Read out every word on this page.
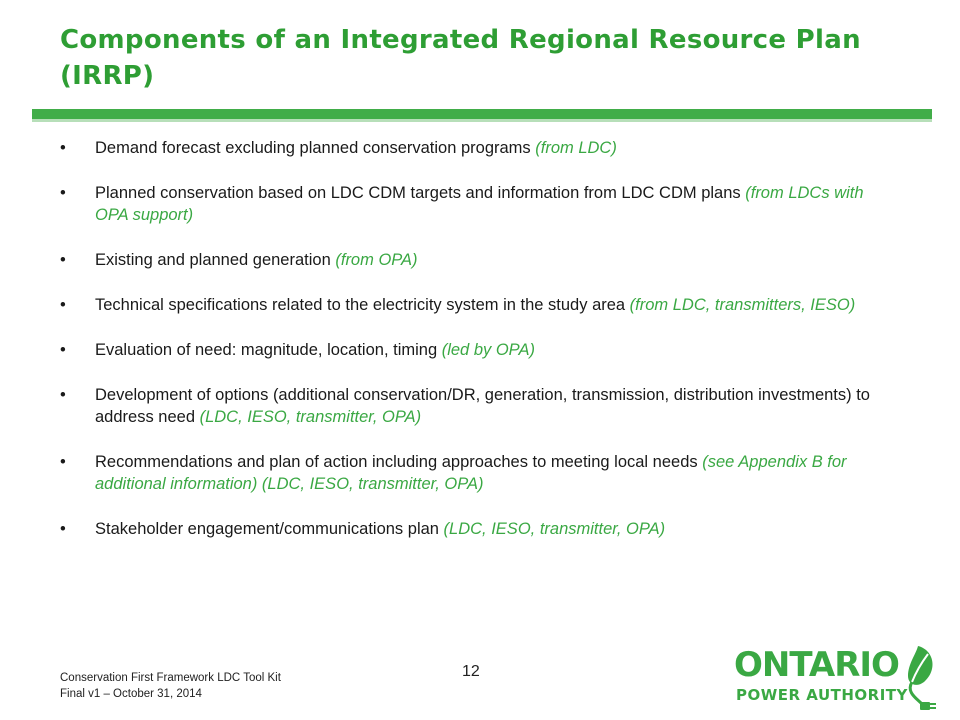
Components of an Integrated Regional Resource Plan (IRRP)
• Demand forecast excluding planned conservation programs (from LDC)
• Planned conservation based on LDC CDM targets and information from LDC CDM plans (from LDCs with OPA support)
• Existing and planned generation (from OPA)
• Technical specifications related to the electricity system in the study area (from LDC, transmitters, IESO)
• Evaluation of need: magnitude, location, timing (led by OPA)
• Development of options (additional conservation/DR, generation, transmission, distribution investments) to address need (LDC, IESO, transmitter, OPA)
• Recommendations and plan of action including approaches to meeting local needs (see Appendix B for additional information) (LDC, IESO, transmitter, OPA)
• Stakeholder engagement/communications plan (LDC, IESO, transmitter, OPA)
Conservation First Framework LDC Tool Kit
Final v1 – October 31, 2014
12	ONTARIO
POWER AUTHORITY
